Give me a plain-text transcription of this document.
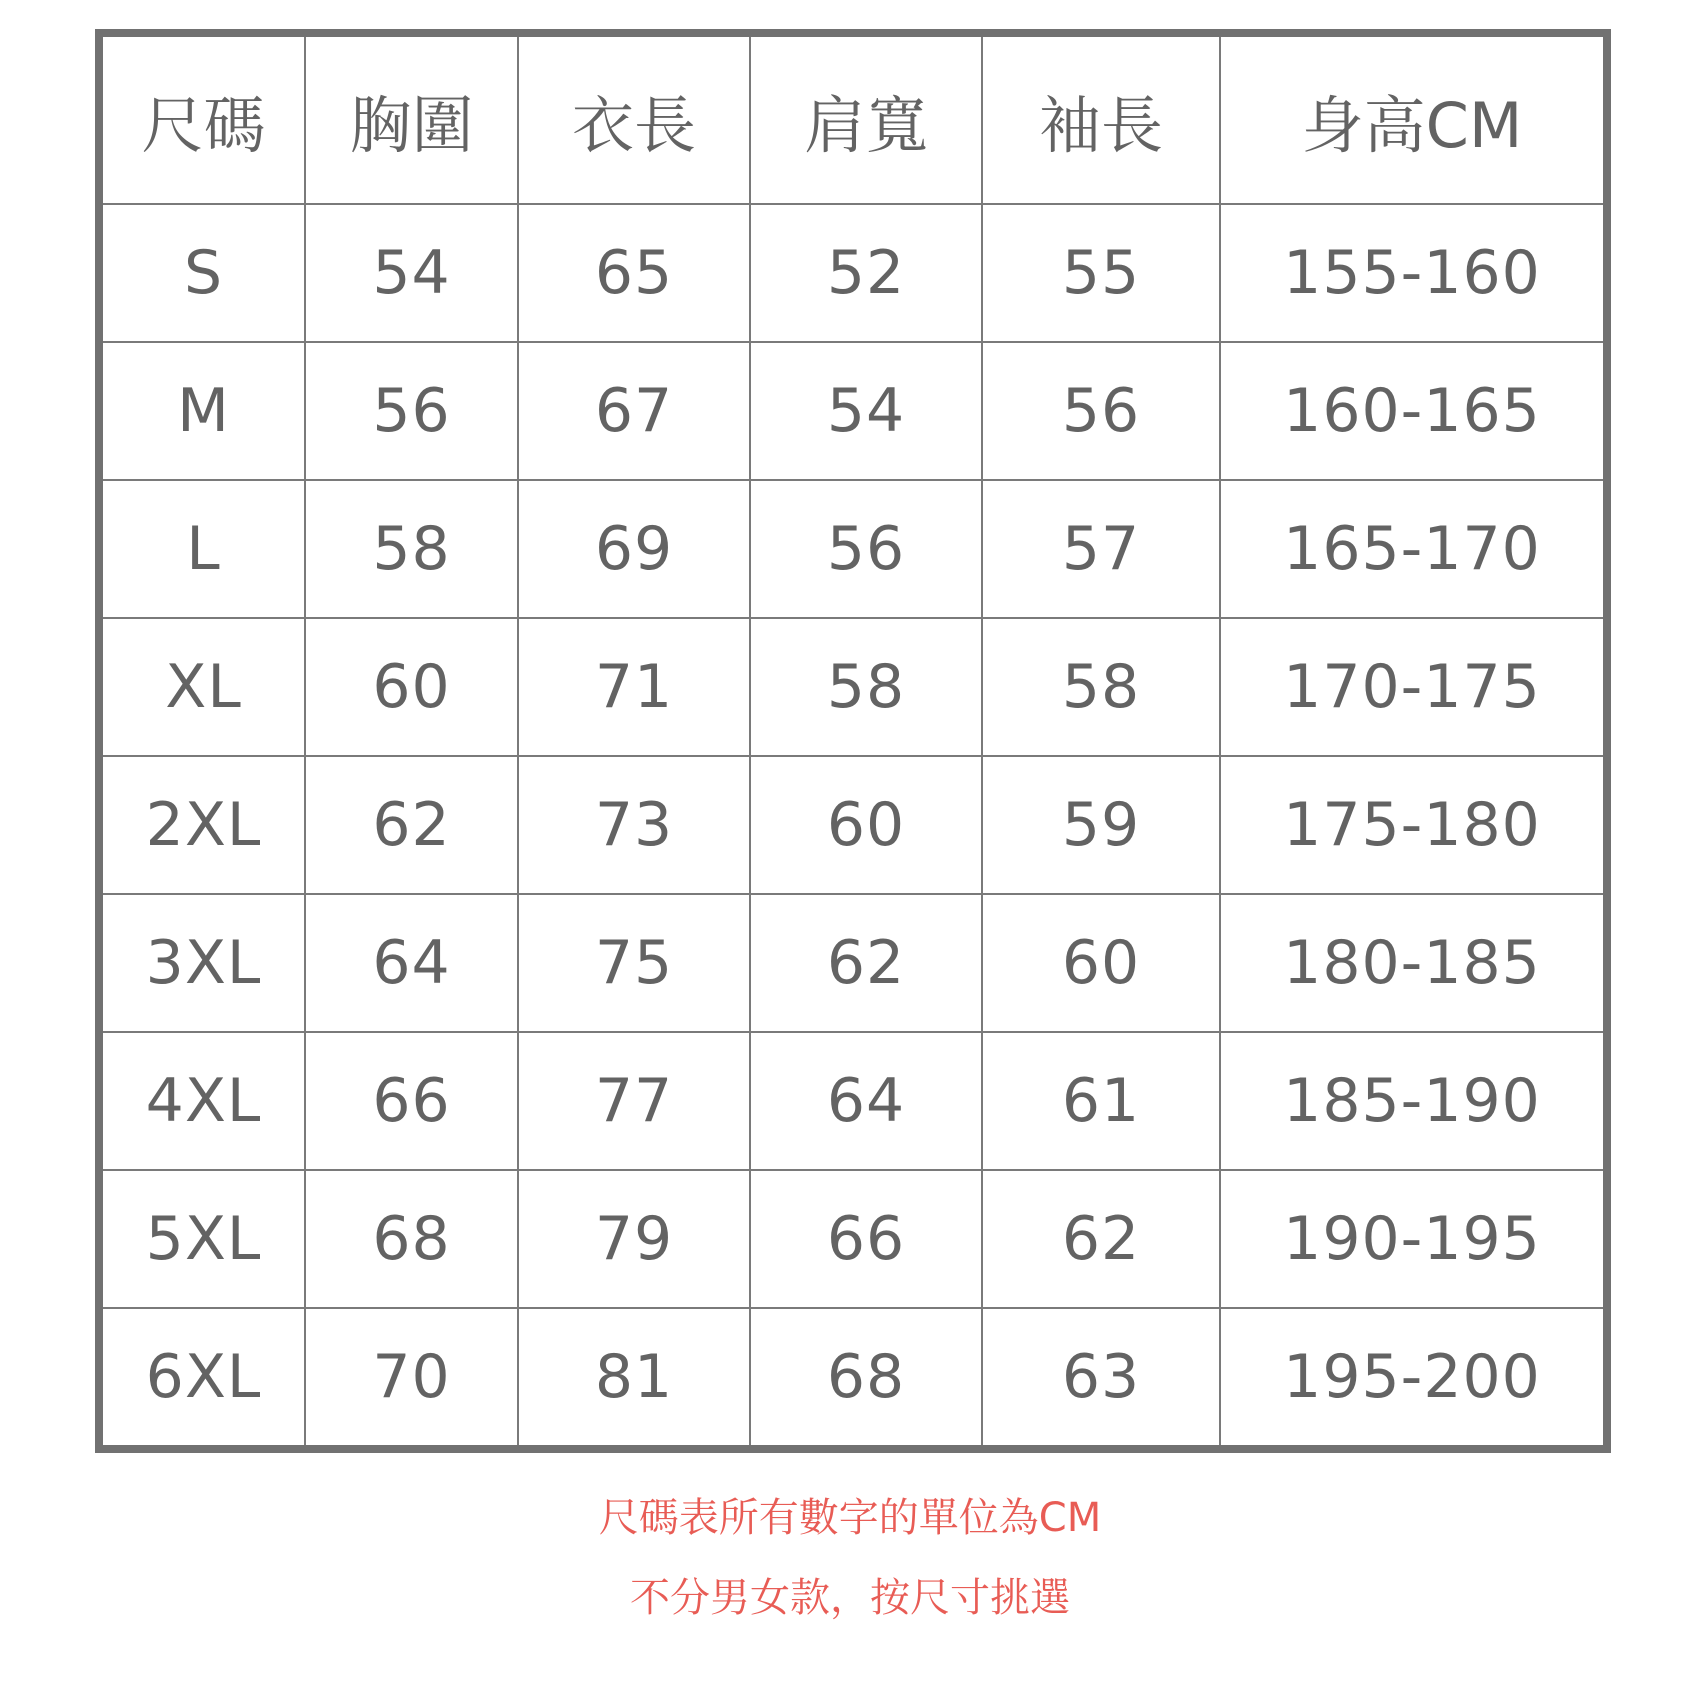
尺碼	胸圍	衣長	肩寬	袖長	身高CM
S	54	65	52	55	155-160
M	56	67	54	56	160-165
L	58	69	56	57	165-170
XL	60	71	58	58	170-175
2XL	62	73	60	59	175-180
3XL	64	75	62	60	180-185
4XL	66	77	64	61	185-190
5XL	68	79	66	62	190-195
6XL	70	81	68	63	195-200
尺碼表所有數字的單位為CM
不分男女款，按尺寸挑選
